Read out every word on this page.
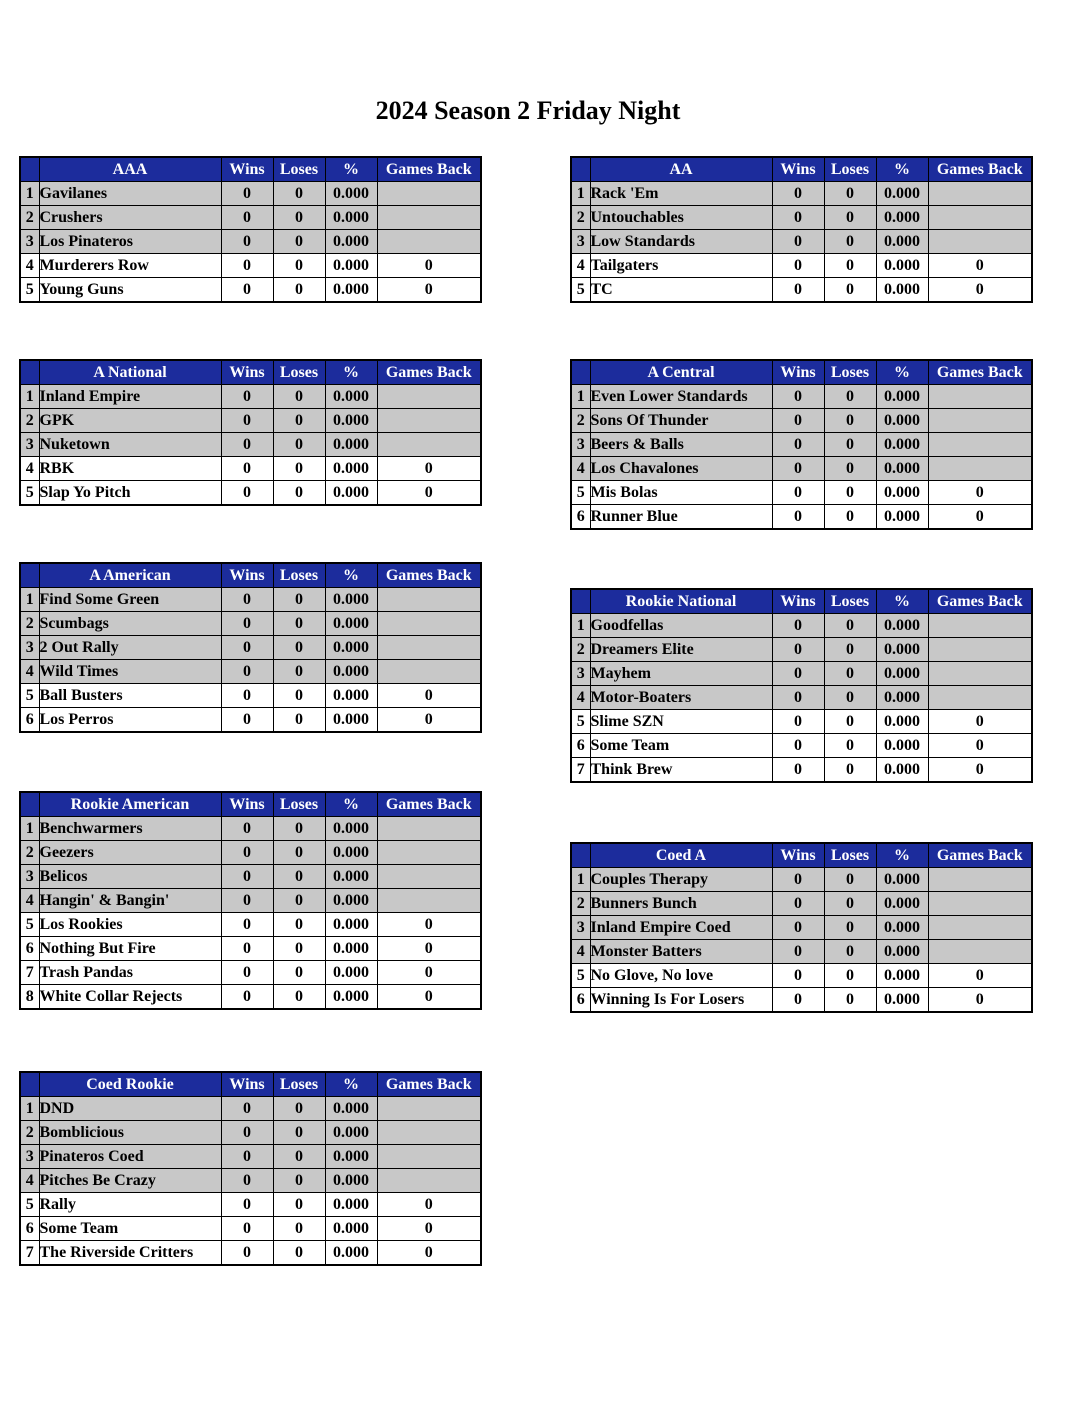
2024 Season 2 Friday Night
	AAA	Wins	Loses	%	Games Back
1	Gavilanes	0	0	0.000	
2	Crushers	0	0	0.000	
3	Los Pinateros	0	0	0.000	
4	Murderers Row	0	0	0.000	0
5	Young Guns	0	0	0.000	0
	AA	Wins	Loses	%	Games Back
1	Rack 'Em	0	0	0.000	
2	Untouchables	0	0	0.000	
3	Low Standards	0	0	0.000	
4	Tailgaters	0	0	0.000	0
5	TC	0	0	0.000	0
	A National	Wins	Loses	%	Games Back
1	Inland Empire	0	0	0.000	
2	GPK	0	0	0.000	
3	Nuketown	0	0	0.000	
4	RBK	0	0	0.000	0
5	Slap Yo Pitch	0	0	0.000	0
	A Central	Wins	Loses	%	Games Back
1	Even Lower Standards	0	0	0.000	
2	Sons Of Thunder	0	0	0.000	
3	Beers & Balls	0	0	0.000	
4	Los Chavalones	0	0	0.000	
5	Mis Bolas	0	0	0.000	0
6	Runner Blue	0	0	0.000	0
	A American	Wins	Loses	%	Games Back
1	Find Some Green	0	0	0.000	
2	Scumbags	0	0	0.000	
3	2 Out Rally	0	0	0.000	
4	Wild Times	0	0	0.000	
5	Ball Busters	0	0	0.000	0
6	Los Perros	0	0	0.000	0
	Rookie National	Wins	Loses	%	Games Back
1	Goodfellas	0	0	0.000	
2	Dreamers Elite	0	0	0.000	
3	Mayhem	0	0	0.000	
4	Motor-Boaters	0	0	0.000	
5	Slime SZN	0	0	0.000	0
6	Some Team	0	0	0.000	0
7	Think Brew	0	0	0.000	0
	Rookie American	Wins	Loses	%	Games Back
1	Benchwarmers	0	0	0.000	
2	Geezers	0	0	0.000	
3	Belicos	0	0	0.000	
4	Hangin' & Bangin'	0	0	0.000	
5	Los Rookies	0	0	0.000	0
6	Nothing But Fire	0	0	0.000	0
7	Trash Pandas	0	0	0.000	0
8	White Collar Rejects	0	0	0.000	0
	Coed A	Wins	Loses	%	Games Back
1	Couples Therapy	0	0	0.000	
2	Bunners Bunch	0	0	0.000	
3	Inland Empire Coed	0	0	0.000	
4	Monster Batters	0	0	0.000	
5	No Glove, No love	0	0	0.000	0
6	Winning Is For Losers	0	0	0.000	0
	Coed Rookie	Wins	Loses	%	Games Back
1	DND	0	0	0.000	
2	Bomblicious	0	0	0.000	
3	Pinateros Coed	0	0	0.000	
4	Pitches Be Crazy	0	0	0.000	
5	Rally	0	0	0.000	0
6	Some Team	0	0	0.000	0
7	The Riverside Critters	0	0	0.000	0
